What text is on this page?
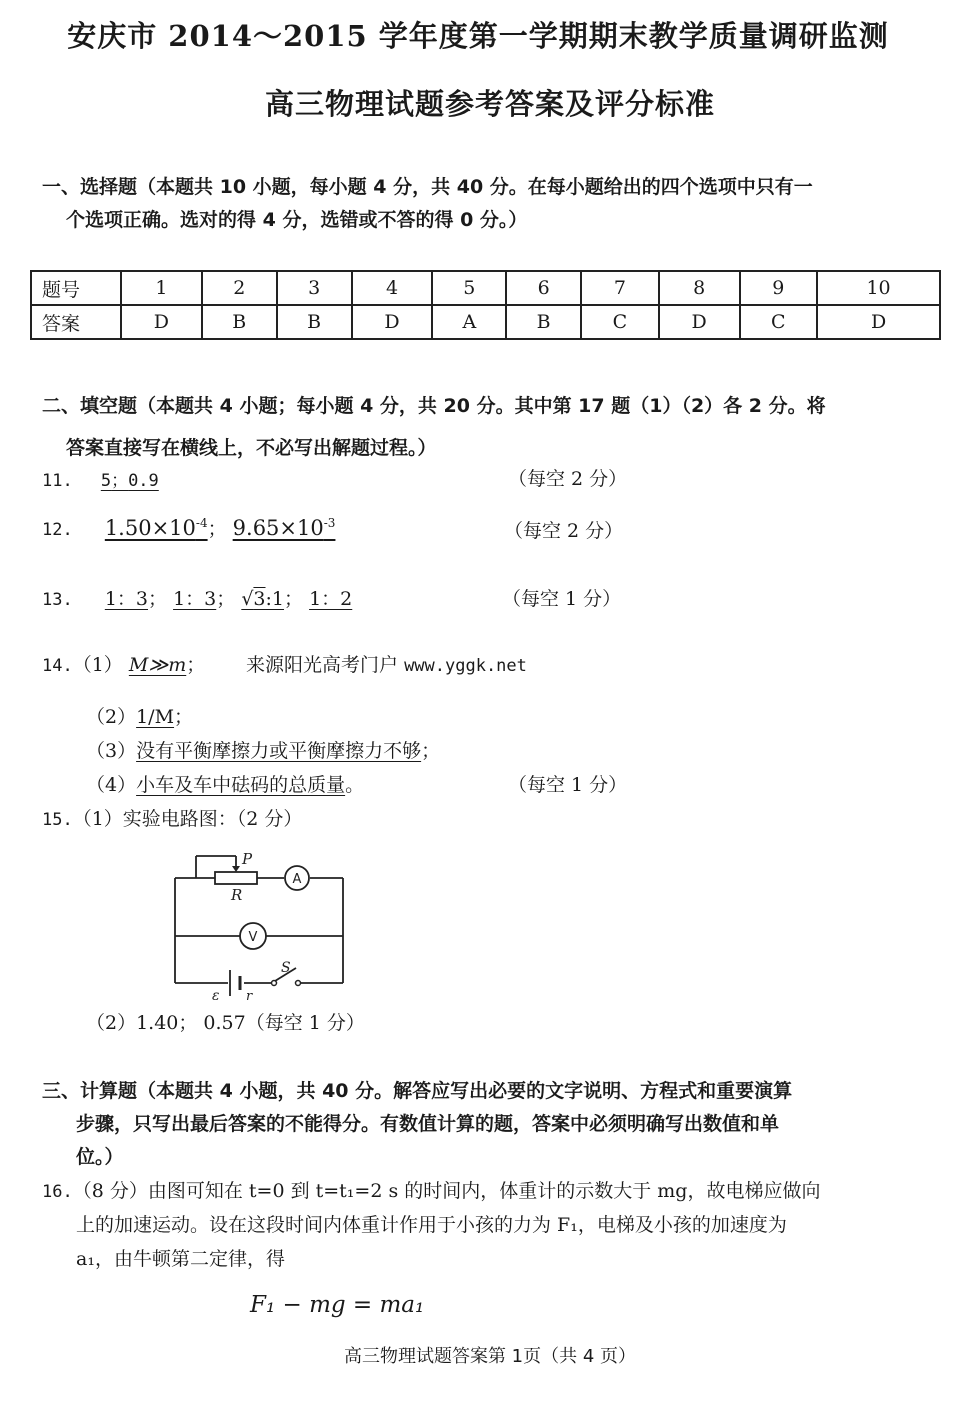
安庆市 2014～2015 学年度第一学期期末教学质量调研监测
高三物理试题参考答案及评分标准
一、选择题（本题共 10 小题，每小题 4 分，共 40 分。在每小题给出的四个选项中只有一
个选项正确。选对的得 4 分，选错或不答的得 0 分。）
题号	1	2	3	4	5	6	7	8	9	10
答案	D	B	B	D	A	B	C	D	C	D
二、填空题（本题共 4 小题；每小题 4 分，共 20 分。其中第 17 题（1）（2）各 2 分。将
答案直接写在横线上，不必写出解题过程。）
11. 5；0.9	（每空 2 分）
12. $1.50\times 10^{-4}$； $9.65\times 10^{-3}$	（每空 2 分）
13. 1：3； 1：3； √3:1； 1：2	（每空 1 分）
14.（1） M≫m； 来源阳光高考门户 www.yggk.net
（2）1/M；
（3）没有平衡摩擦力或平衡摩擦力不够；
（4）小车及车中砝码的总质量。	（每空 1 分）
15.（1）实验电路图：（2 分）
P
R
S
ε r
A
V
（2）1.40； 0.57（每空 1 分）
三、计算题（本题共 4 小题，共 40 分。解答应写出必要的文字说明、方程式和重要演算
步骤，只写出最后答案的不能得分。有数值计算的题，答案中必须明确写出数值和单
位。）
16.（8 分）由图可知在 t=0 到 t=t₁=2 s 的时间内，体重计的示数大于 mg，故电梯应做向
上的加速运动。设在这段时间内体重计作用于小孩的力为 F₁，电梯及小孩的加速度为
a₁，由牛顿第二定律，得
F₁ − mg = ma₁
高三物理试题答案第 1页（共 4 页）
